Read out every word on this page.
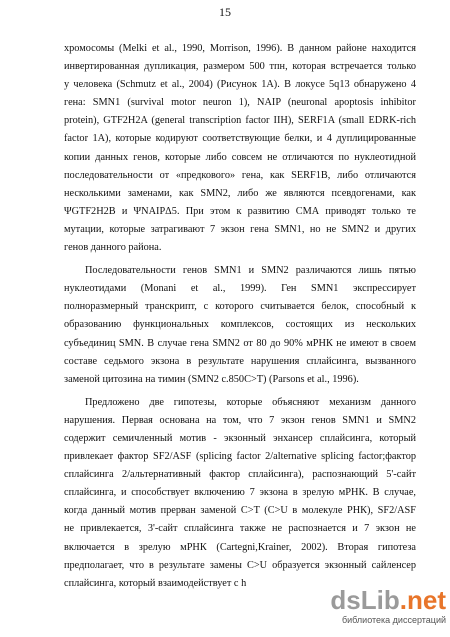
15
хромосомы (Melki et al., 1990, Morrison, 1996). В данном районе находится
инвертированная дупликация, размером 500 тпн, которая встречается только
у человека (Schmutz et al., 2004) (Рисунок 1А). В локусе 5q13 обнаружено 4
гена: SMN1 (survival motor neuron 1), NAIP (neuronal apoptosis inhibitor
protein), GTF2H2A (general transcription factor IIH), SERF1A (small EDRK-rich
factor 1A), которые кодируют соответствующие белки, и 4 дуплицированные
копии данных генов, которые либо совсем не отличаются по нуклеотидной
последовательности от «предкового» гена, как SERF1B, либо отличаются
несколькими заменами, как SMN2, либо же являются псевдогенами, как
ΨGTF2H2B и ΨNAIPΔ5. При этом к развитию СМА приводят только те
мутации, которые затрагивают 7 экзон гена SMN1, но не SMN2 и других
генов данного района.
Последовательности генов SMN1 и SMN2 различаются лишь пятью
нуклеотидами (Monani et al., 1999). Ген SMN1 экспрессирует
полноразмерный транскрипт, с которого считывается белок, способный к
образованию функциональных комплексов, состоящих из нескольких
субъединиц SMN. В случае гена SMN2 от 80 до 90% мРНК не имеют в своем
составе седьмого экзона в результате нарушения сплайсинга, вызванного
заменой цитозина на тимин (SMN2 c.850C>T) (Parsons et al., 1996).
Предложено две гипотезы, которые объясняют механизм данного
нарушения. Первая основана на том, что 7 экзон генов SMN1 и SMN2
содержит семичленный мотив - экзонный энхансер сплайсинга, который
привлекает фактор SF2/ASF (splicing factor 2/alternative splicing factor;фактор
сплайсинга 2/альтернативный фактор сплайсинга), распознающий 5'-сайт
сплайсинга, и способствует включению 7 экзона в зрелую мРНК. В случае,
когда данный мотив прерван заменой C>T (C>U в молекуле РНК), SF2/ASF
не привлекается, 3'-сайт сплайсинга также не распознается и 7 экзон не
включается в зрелую мРНК (Cartegni,Krainer, 2002). Вторая гипотеза
предполагает, что в результате замены C>U образуется экзонный сайленсер
сплайсинга, который взаимодействует с h
dsLib.net
библиотека диссертаций
